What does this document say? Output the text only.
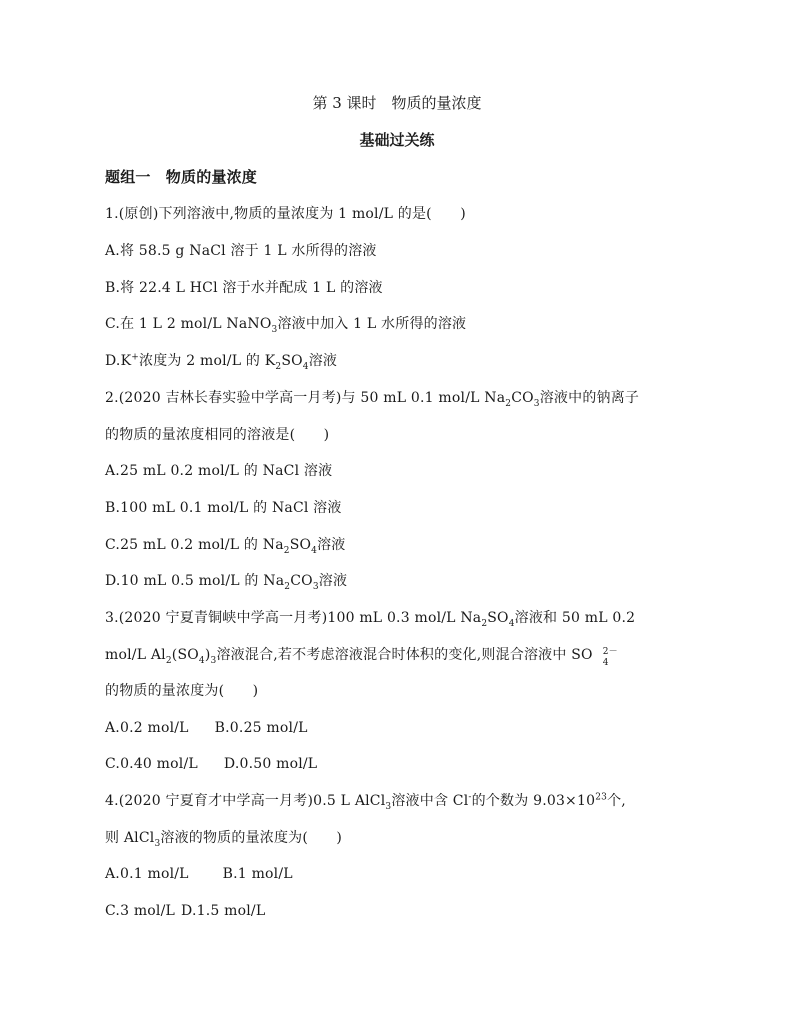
第 3 课时　物质的量浓度
基础过关练
题组一　物质的量浓度
1.(原创)下列溶液中,物质的量浓度为 1 mol/L 的是(　　)
A.将 58.5 g NaCl 溶于 1 L 水所得的溶液
B.将 22.4 L HCl 溶于水并配成 1 L 的溶液
C.在 1 L 2 mol/L NaNO$_3$溶液中加入 1 L 水所得的溶液
D.K+浓度为 2 mol/L 的 $K_2SO_4$溶液
2.(2020 吉林长春实验中学高一月考)与 50 mL 0.1 mol/L $Na_2CO_3$溶液中的钠离子
的物质的量浓度相同的溶液是(　　)
A.25 mL 0.2 mol/L 的 NaCl 溶液
B.100 mL 0.1 mol/L 的 NaCl 溶液
C.25 mL 0.2 mol/L 的 $Na_2SO_4$溶液
D.10 mL 0.5 mol/L 的 $Na_2CO_3$溶液
3.(2020 宁夏青铜峡中学高一月考)100 mL 0.3 mol/L $Na_2SO_4$溶液和 50 mL 0.2
mol/L $Al_2(SO_4)_3$溶液混合,若不考虑溶液混合时体积的变化,则混合溶液中 SO 2－
4
的物质的量浓度为(　　)
A.0.2 mol/L B.0.25 mol/L
C.0.40 mol/L D.0.50 mol/L
4.(2020 宁夏育才中学高一月考)0.5 L AlCl$_3$溶液中含 Cl-的个数为 $9.03\times 10^{23}$个,
则 AlCl$_3$溶液的物质的量浓度为(　　)
A.0.1 mol/L B.1 mol/L
C.3 mol/L D.1.5 mol/L
